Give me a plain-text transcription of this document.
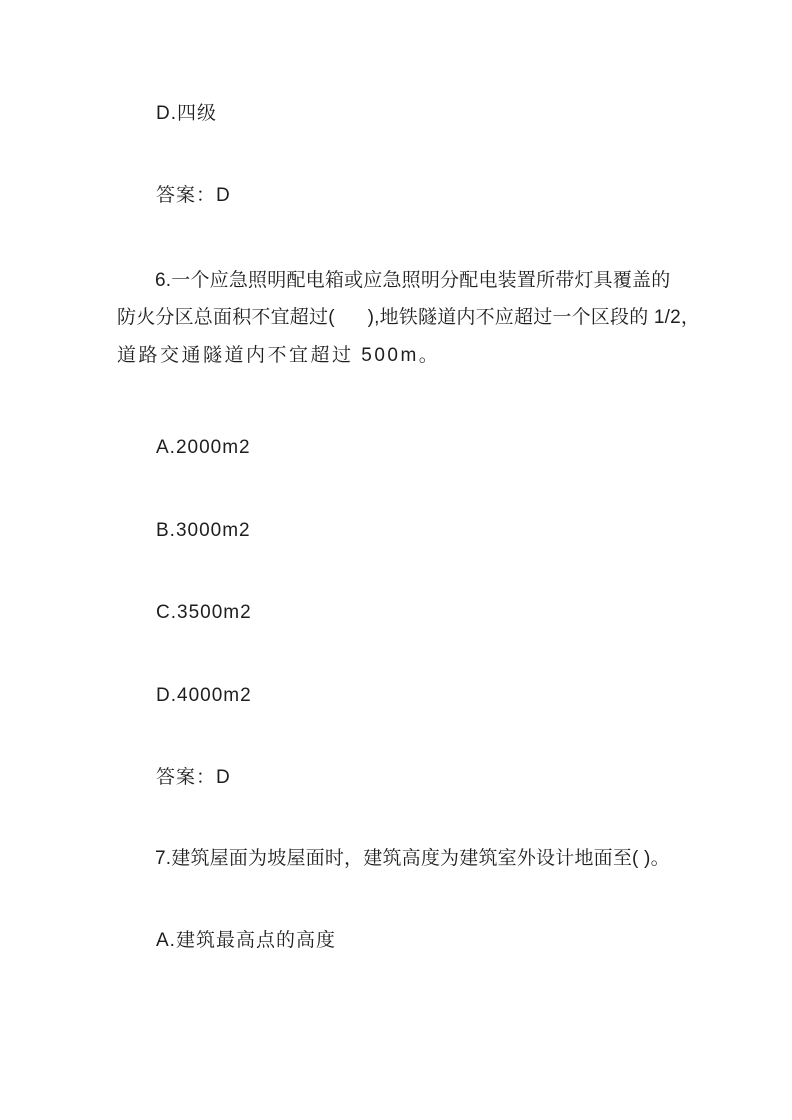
D.四级
答案：D
6.一个应急照明配电箱或应急照明分配电装置所带灯具覆盖的
防火分区总面积不宜超过(      ),地铁隧道内不应超过一个区段的 1/2，
道路交通隧道内不宜超过 500m。
A.2000m2
B.3000m2
C.3500m2
D.4000m2
答案：D
7.建筑屋面为坡屋面时，建筑高度为建筑室外设计地面至( )。
A.建筑最高点的高度
